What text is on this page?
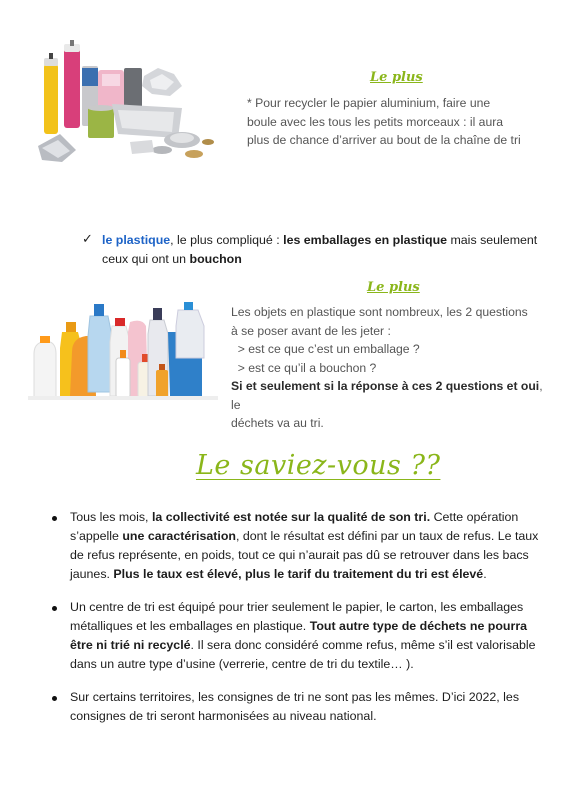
Le plus
* Pour recycler le papier aluminium, faire une
boule avec les tous les petits morceaux : il aura
plus de chance d’arriver au bout de la chaîne de tri
✓ le plastique, le plus compliqué : les emballages en plastique mais seulement
ceux qui ont un bouchon
Le plus
Les objets en plastique sont nombreux, les 2 questions
à se poser avant de les jeter :
> est ce que c’est un emballage ?
> est ce qu’il a bouchon ?
Si et seulement si la réponse à ces 2 questions et oui, le
déchets va au tri.
Le saviez-vous ??
Tous les mois, la collectivité est notée sur la qualité de son tri. Cette opération
s’appelle une caractérisation, dont le résultat est défini par un taux de refus. Le taux
de refus représente, en poids, tout ce qui n’aurait pas dû se retrouver dans les bacs
jaunes. Plus le taux est élevé, plus le tarif du traitement du tri est élevé.
Un centre de tri est équipé pour trier seulement le papier, le carton, les emballages
métalliques et les emballages en plastique. Tout autre type de déchets ne pourra
être ni trié ni recyclé. Il sera donc considéré comme refus, même s’il est valorisable
dans un autre type d’usine (verrerie, centre de tri du textile… ).
Sur certains territoires, les consignes de tri ne sont pas les mêmes. D’ici 2022, les
consignes de tri seront harmonisées au niveau national.
